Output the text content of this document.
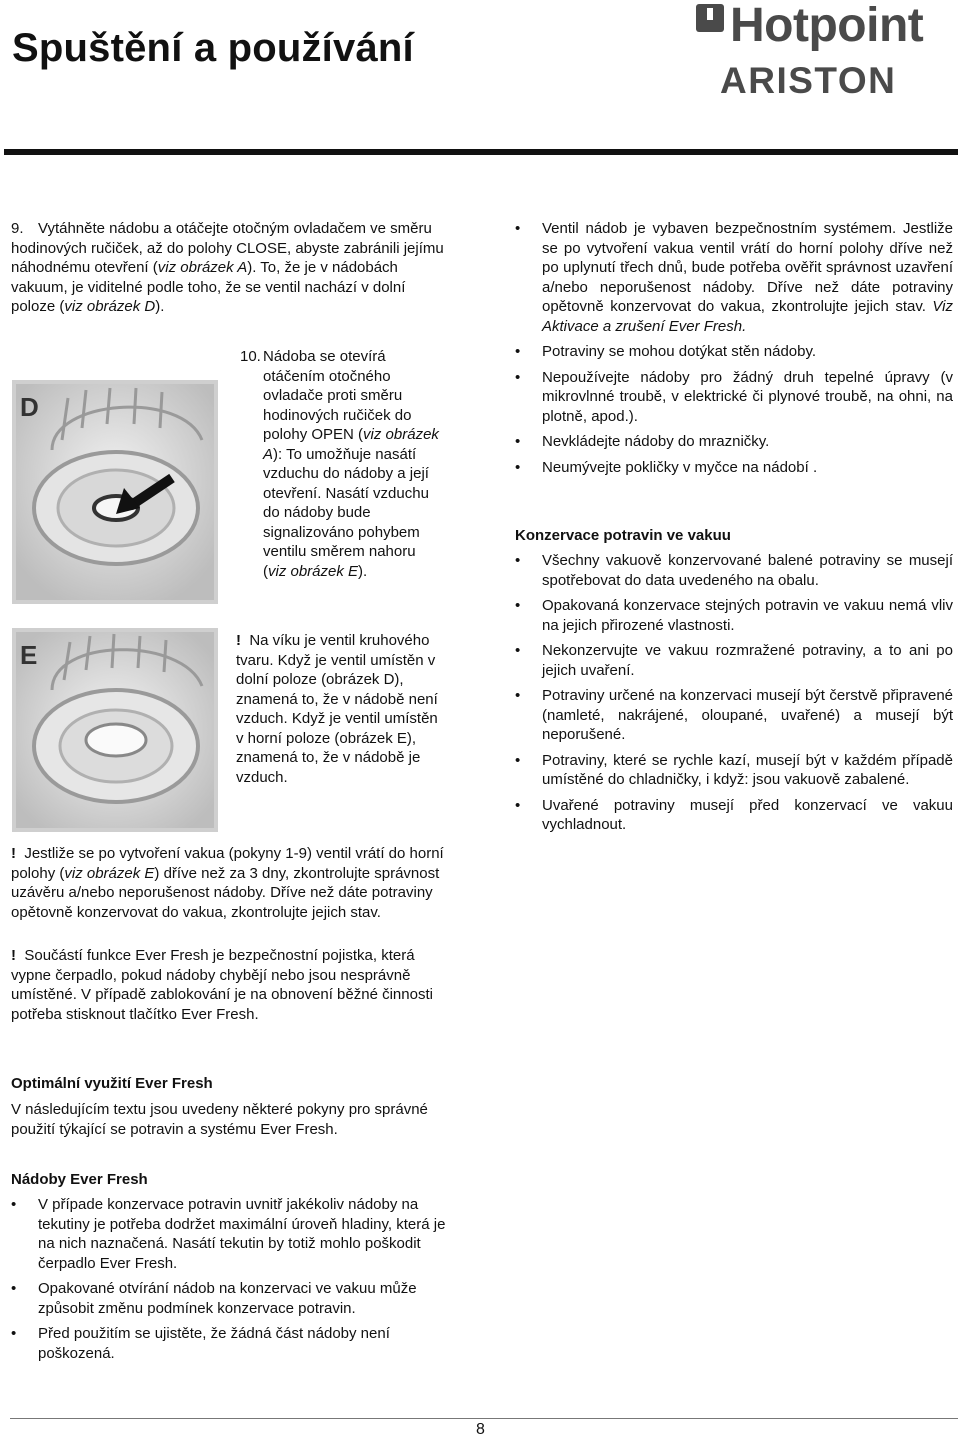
Spuštění a používání	Hotpoint
ARISTON

9. Vytáhněte nádobu a otáčejte otočným ovladačem ve směru hodinových ručiček, až do polohy CLOSE, abyste zabránili jejímu náhodnému otevření (viz obrázek A). To, že je v nádobách vakuum, je viditelné podle toho, že se ventil nachází v dolní poloze (viz obrázek D).

D
E

10. Nádoba se otevírá otáčením otočného ovladače proti směru hodinových ručiček do polohy OPEN (viz obrázek A): To umožňuje nasátí vzduchu do nádoby a její otevření. Nasátí vzduchu do nádoby bude signalizováno pohybem ventilu směrem nahoru (viz obrázek E).

! Na víku je ventil kruhového tvaru. Když je ventil umístěn v dolní poloze (obrázek D), znamená to, že v nádobě není vzduch. Když je ventil umístěn v horní poloze (obrázek E), znamená to, že v nádobě je vzduch.

! Jestliže se po vytvoření vakua (pokyny 1-9) ventil vrátí do horní polohy (viz obrázek E) dříve než za 3 dny, zkontrolujte správnost uzávěru a/nebo neporušenost nádoby. Dříve než dáte potraviny opětovně konzervovat do vakua, zkontrolujte jejich stav.

! Součástí funkce Ever Fresh je bezpečnostní pojistka, která vypne čerpadlo, pokud nádoby chybějí nebo jsou nesprávně umístěné. V případě zablokování je na obnovení běžné činnosti potřeba stisknout tlačítko Ever Fresh.

Optimální využití Ever Fresh

V následujícím textu jsou uvedeny některé pokyny pro správné použití týkající se potravin a systému Ever Fresh.

Nádoby Ever Fresh

• V případe konzervace potravin uvnitř jakékoliv nádoby na tekutiny je potřeba dodržet maximální úroveň hladiny, která je na nich naznačená. Nasátí tekutin by totiž mohlo poškodit čerpadlo Ever Fresh.
• Opakované otvírání nádob na konzervaci ve vakuu může způsobit změnu podmínek konzervace potravin.
• Před použitím se ujistěte, že žádná část nádoby není poškozená.
• Ventil nádob je vybaven bezpečnostním systémem. Jestliže se po vytvoření vakua ventil vrátí do horní polohy dříve než po uplynutí třech dnů, bude potřeba ověřit správnost uzavření a/nebo neporušenost nádoby. Dříve než dáte potraviny opětovně konzervovat do vakua, zkontrolujte jejich stav. Viz Aktivace a zrušení Ever Fresh.
• Potraviny se mohou dotýkat stěn nádoby.
• Nepoužívejte nádoby pro žádný druh tepelné úpravy (v mikrovlnné troubě, v elektrické či plynové troubě, na ohni, na plotně, apod.).
• Nevkládejte nádoby do mrazničky.
• Neumývejte pokličky v myčce na nádobí .

Konzervace potravin ve vakuu

• Všechny vakuově konzervované balené potraviny se musejí spotřebovat do data uvedeného na obalu.
• Opakovaná konzervace stejných potravin ve vakuu nemá vliv na jejich přirozené vlastnosti.
• Nekonzervujte ve vakuu rozmražené potraviny, a to ani po jejich uvaření.
• Potraviny určené na konzervaci musejí být čerstvě připravené (namleté, nakrájené, oloupané, uvařené) a musejí být neporušené.
• Potraviny, které se rychle kazí, musejí být v každém případě umístěné do chladničky, i když: jsou vakuově zabalené.
• Uvařené potraviny musejí před konzervací ve vakuu vychladnout.
8
